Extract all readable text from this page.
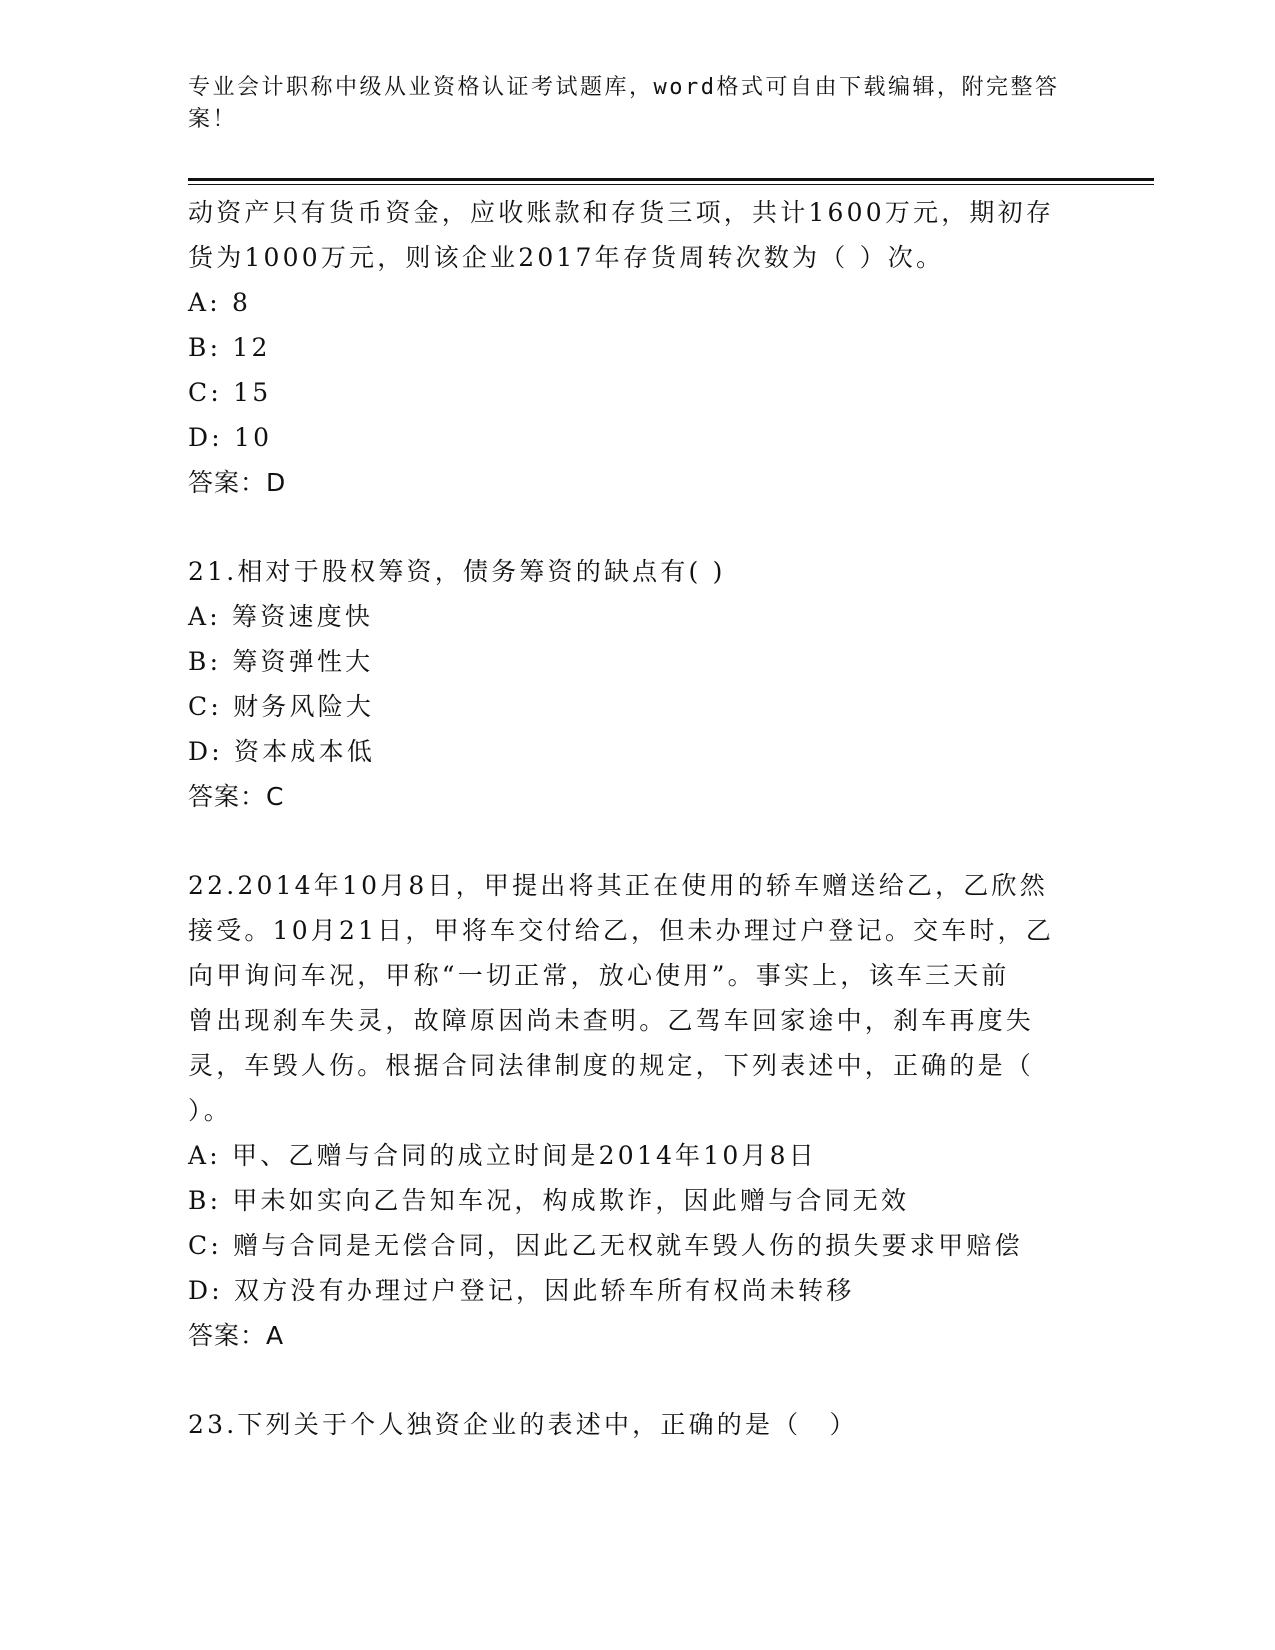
专业会计职称中级从业资格认证考试题库，word格式可自由下载编辑，附完整答案！

动资产只有货币资金，应收账款和存货三项，共计1600万元，期初存

货为1000万元，则该企业2017年存货周转次数为（ ）次。

A: 8

B: 12

C: 15

D: 10

答案：D

21.相对于股权筹资，债务筹资的缺点有( )

A: 筹资速度快

B: 筹资弹性大

C: 财务风险大

D: 资本成本低

答案：C

22.2014年10月8日，甲提出将其正在使用的轿车赠送给乙，乙欣然

接受。10月21日，甲将车交付给乙，但未办理过户登记。交车时，乙

向甲询问车况，甲称“一切正常，放心使用”。事实上，该车三天前

曾出现刹车失灵，故障原因尚未查明。乙驾车回家途中，刹车再度失

灵，车毁人伤。根据合同法律制度的规定，下列表述中，正确的是（

）。

A: 甲、乙赠与合同的成立时间是2014年10月8日

B: 甲未如实向乙告知车况，构成欺诈，因此赠与合同无效

C: 赠与合同是无偿合同，因此乙无权就车毁人伤的损失要求甲赔偿

D: 双方没有办理过户登记，因此轿车所有权尚未转移

答案：A

23.下列关于个人独资企业的表述中，正确的是（　）
